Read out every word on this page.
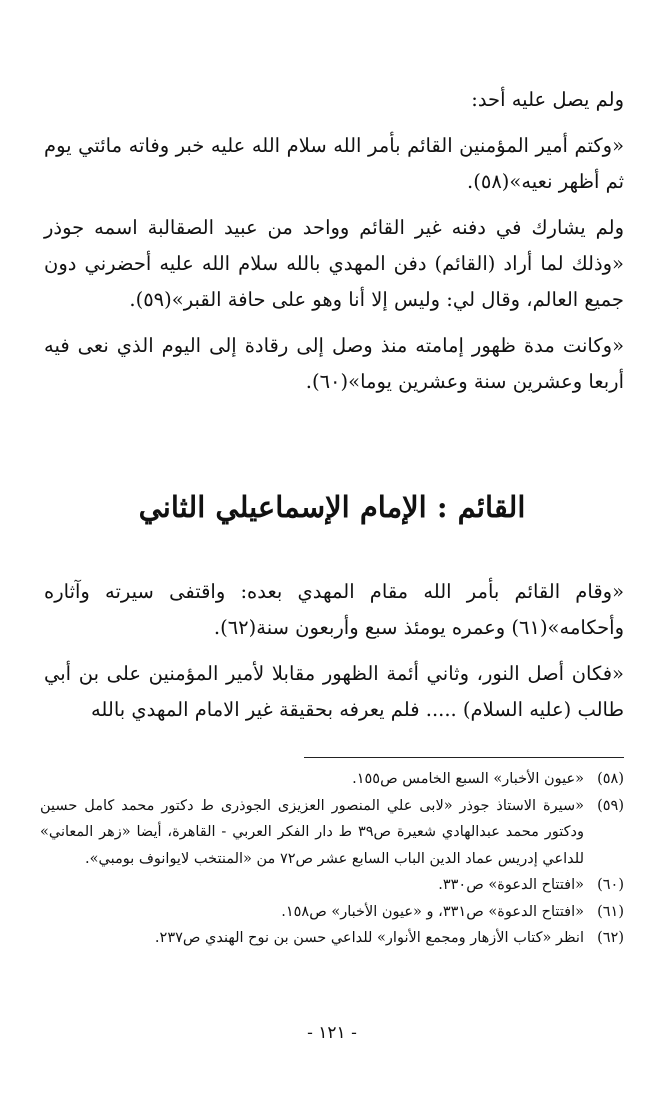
ولم يصل عليه أحد:

«وكتم أمير المؤمنين القائم بأمر الله سلام الله عليه خبر وفاته مائتي يوم ثم أظهر نعيه»(٥٨).

ولم يشارك في دفنه غير القائم وواحد من عبيد الصقالبة اسمه جوذر «وذلك لما أراد (القائم) دفن المهدي بالله سلام الله عليه أحضرني دون جميع العالم، وقال لي: وليس إلا أنا وهو على حافة القبر»(٥٩).

«وكانت مدة ظهور إمامته منذ وصل إلى رقادة إلى اليوم الذي نعى فيه أربعا وعشرين سنة وعشرين يوما»(٦٠).

القائم : الإمام الإسماعيلي الثاني

«وقام القائم بأمر الله مقام المهدي بعده: واقتفى سيرته وآثاره وأحكامه»(٦١) وعمره يومئذ سبع وأربعون سنة(٦٢).

«فكان أصل النور، وثاني أئمة الظهور مقابلا لأمير المؤمنين على بن أبي طالب (عليه السلام) ..... فلم يعرفه بحقيقة غير الامام المهدي بالله

(٥٨)
«عيون الأخبار» السبع الخامس ص١٥٥.

(٥٩)
«سيرة الاستاذ جوذر «لابى علي المنصور العزيزى الجوذرى ط دكتور محمد كامل حسين ودكتور محمد عبدالهادي شعيرة ص٣٩ ط دار الفكر العربي - القاهرة، أيضا «زهر المعاني» للداعي إدريس عماد الدين الباب السابع عشر ص٧٢ من «المنتخب لايوانوف بومبي».

(٦٠)
«افتتاح الدعوة» ص٣٣٠.

(٦١)
«افتتاح الدعوة» ص٣٣١، و «عيون الأخبار» ص١٥٨.

(٦٢)
انظر «كتاب الأزهار ومجمع الأنوار» للداعي حسن بن نوح الهندي ص٢٣٧.

- ١٢١ -
